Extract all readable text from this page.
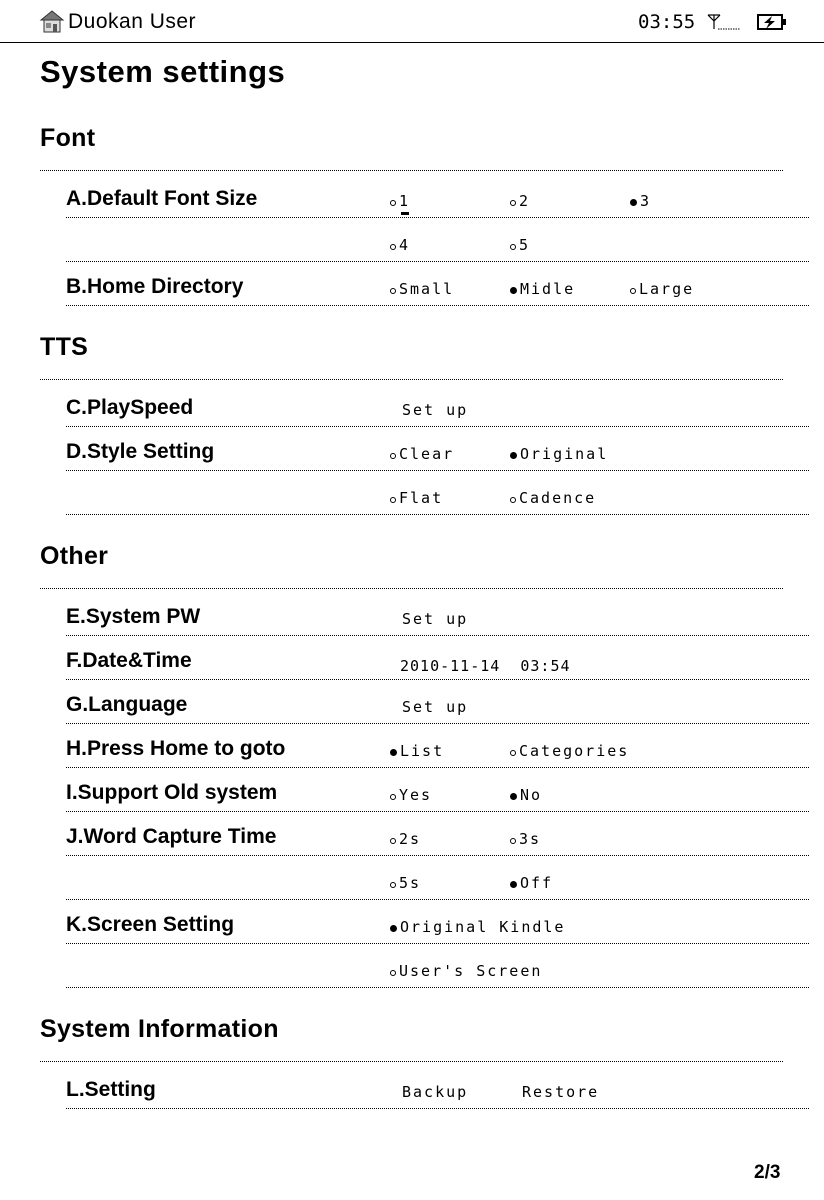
Duokan User	03:55
System settings
Font
A.Default Font Size	1	2	3
4	5
B.Home Directory	Small	Midle	Large
TTS
C.PlaySpeed	Set up
D.Style Setting	Clear	Original
Flat	Cadence
Other
E.System PW	Set up
F.Date&Time	2010-11-14  03:54
G.Language	Set up
H.Press Home to goto	List	Categories
I.Support Old system	Yes	No
J.Word Capture Time	2s	3s
5s	Off
K.Screen Setting	Original Kindle
User's Screen
System Information
L.Setting	Backup	Restore
2/3
